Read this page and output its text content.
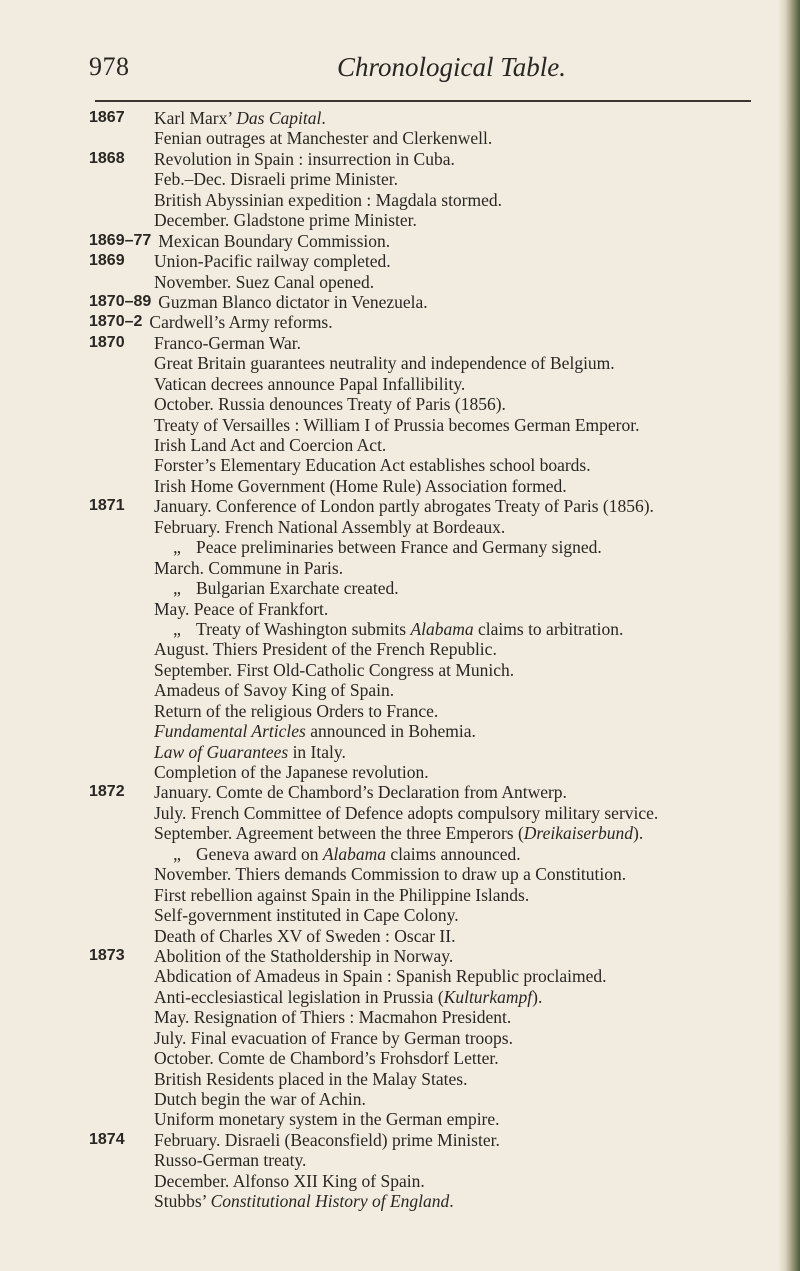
978	Chronological Table.
1867 Karl Marx’ Das Capital.
Fenian outrages at Manchester and Clerkenwell.
1868 Revolution in Spain : insurrection in Cuba.
Feb.–Dec. Disraeli prime Minister.
British Abyssinian expedition : Magdala stormed.
December. Gladstone prime Minister.
1869–77 Mexican Boundary Commission.
1869 Union-Pacific railway completed.
November. Suez Canal opened.
1870–89 Guzman Blanco dictator in Venezuela.
1870–2 Cardwell’s Army reforms.
1870 Franco-German War.
Great Britain guarantees neutrality and independence of Belgium.
Vatican decrees announce Papal Infallibility.
October. Russia denounces Treaty of Paris (1856).
Treaty of Versailles : William I of Prussia becomes German Emperor.
Irish Land Act and Coercion Act.
Forster’s Elementary Education Act establishes school boards.
Irish Home Government (Home Rule) Association formed.
1871 January. Conference of London partly abrogates Treaty of Paris (1856).
February. French National Assembly at Bordeaux.
„ Peace preliminaries between France and Germany signed.
March. Commune in Paris.
„ Bulgarian Exarchate created.
May. Peace of Frankfort.
„ Treaty of Washington submits Alabama claims to arbitration.
August. Thiers President of the French Republic.
September. First Old-Catholic Congress at Munich.
Amadeus of Savoy King of Spain.
Return of the religious Orders to France.
Fundamental Articles announced in Bohemia.
Law of Guarantees in Italy.
Completion of the Japanese revolution.
1872 January. Comte de Chambord’s Declaration from Antwerp.
July. French Committee of Defence adopts compulsory military service.
September. Agreement between the three Emperors (Dreikaiserbund).
„ Geneva award on Alabama claims announced.
November. Thiers demands Commission to draw up a Constitution.
First rebellion against Spain in the Philippine Islands.
Self-government instituted in Cape Colony.
Death of Charles XV of Sweden : Oscar II.
1873 Abolition of the Statholdership in Norway.
Abdication of Amadeus in Spain : Spanish Republic proclaimed.
Anti-ecclesiastical legislation in Prussia (Kulturkampf).
May. Resignation of Thiers : Macmahon President.
July. Final evacuation of France by German troops.
October. Comte de Chambord’s Frohsdorf Letter.
British Residents placed in the Malay States.
Dutch begin the war of Achin.
Uniform monetary system in the German empire.
1874 February. Disraeli (Beaconsfield) prime Minister.
Russo-German treaty.
December. Alfonso XII King of Spain.
Stubbs’ Constitutional History of England.
